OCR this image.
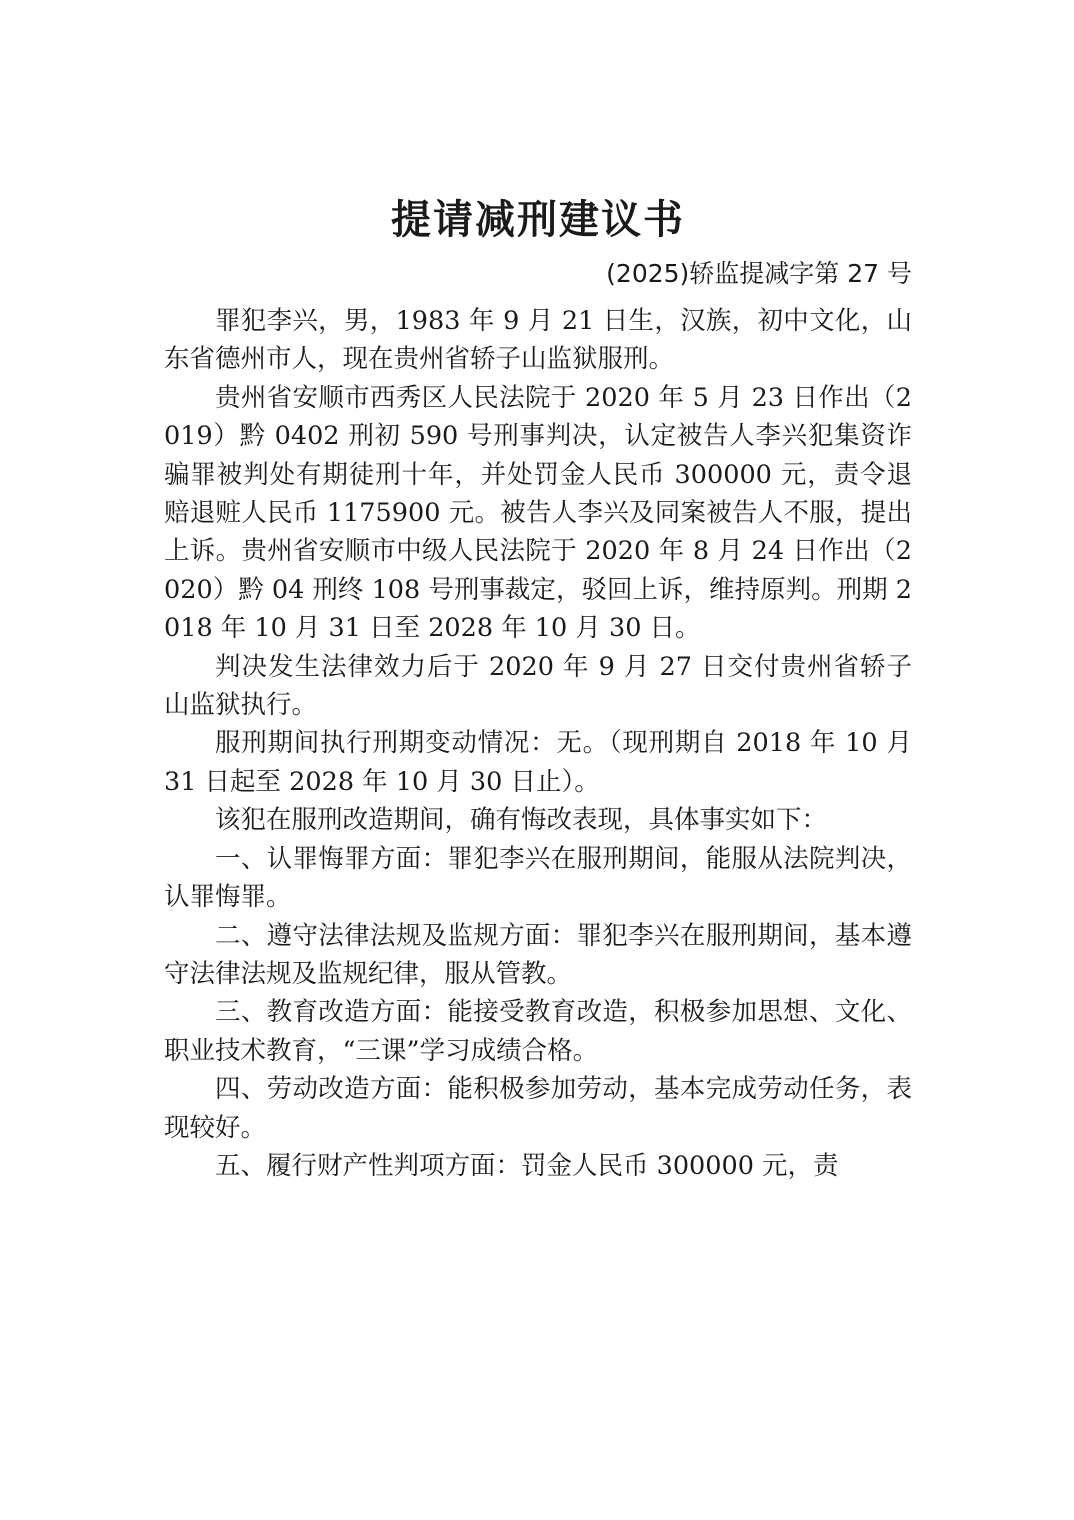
提请减刑建议书
(2025)轿监提减字第 27 号

罪犯李兴，男，1983 年 9 月 21 日生，汉族，初中文化，山东省德州市人，现在贵州省轿子山监狱服刑。

贵州省安顺市西秀区人民法院于 2020 年 5 月 23 日作出（2019）黔 0402 刑初 590 号刑事判决，认定被告人李兴犯集资诈骗罪被判处有期徒刑十年，并处罚金人民币 300000 元，责令退赔退赃人民币 1175900 元。被告人李兴及同案被告人不服，提出上诉。贵州省安顺市中级人民法院于 2020 年 8 月 24 日作出（2020）黔 04 刑终 108 号刑事裁定，驳回上诉，维持原判。刑期 2018 年 10 月 31 日至 2028 年 10 月 30 日。

判决发生法律效力后于 2020 年 9 月 27 日交付贵州省轿子山监狱执行。

服刑期间执行刑期变动情况：无。（现刑期自 2018 年 10 月 31 日起至 2028 年 10 月 30 日止）。

该犯在服刑改造期间，确有悔改表现，具体事实如下：

一、认罪悔罪方面：罪犯李兴在服刑期间，能服从法院判决，认罪悔罪。

二、遵守法律法规及监规方面：罪犯李兴在服刑期间，基本遵守法律法规及监规纪律，服从管教。

三、教育改造方面：能接受教育改造，积极参加思想、文化、职业技术教育，“三课”学习成绩合格。

四、劳动改造方面：能积极参加劳动，基本完成劳动任务，表现较好。

五、履行财产性判项方面：罚金人民币 300000 元，责
